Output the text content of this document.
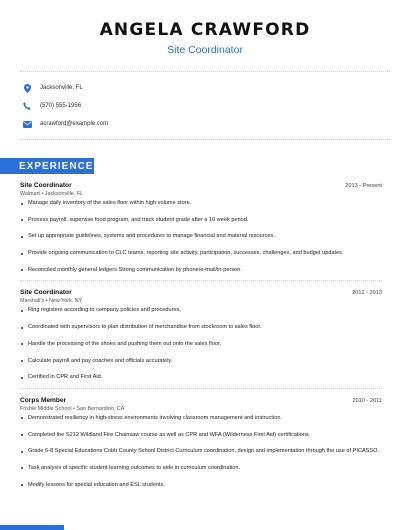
ANGELA CRAWFORD
Site Coordinator
Jacksonville, FL
(570) 555-1956
acrawford@example.com
EXPERIENCE
Site Coordinator	2013 - Present
Walmart • Jacksonville, FL
Manage daily inventory of the sales floor within high volume store.
Process payroll, supervise food program, and track student grade after a 10 week period.
Set up appropriate guidelines, systems and procedures to manage financial and material resources.
Provide ongoing communication to CLC teams, reporting site activity, participation, successes, challenges, and budget updates.
Reconciled monthly general ledgers Strong communication by phone/e-mail/in-person.
Site Coordinator	2012 - 2013
Marshall's • New York, NY
Ring registers according to company policies and procedures.
Coordinated with supervisors to plan distribution of merchandise from stockroom to sales floor.
Handle the processing of the shoes and pushing them out onto the sales floor.
Calculate payroll and pay coaches and officials accurately.
Certified in CPR and First Aid.
Corps Member	2010 - 2011
Frisbie Middle School • San Bernardino, CA
Demonstrated resiliency in high-stress environments involving classroom management and instruction.
Completed the S212 Wildland Fire Chainsaw course as well as CPR and WFA (Wilderness First Aid) certifications.
Grade 6-8 Special Educations Cobb County School District Curriculum coordination, design and implementation through the use of PICASSO.
Task analysis of specific student learning outcomes to aide in curriculum coordination.
Modify lessons for special education and ESL students.
